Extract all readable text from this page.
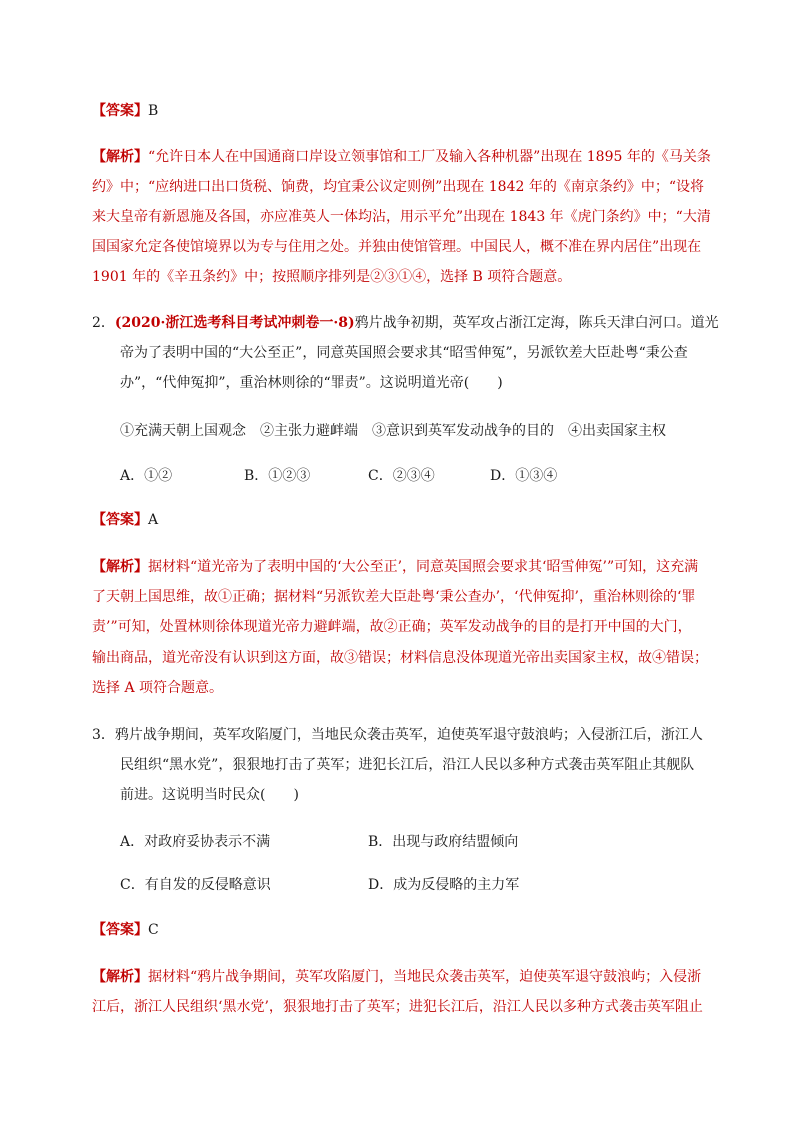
【答案】B
【解析】“允许日本人在中国通商口岸设立领事馆和工厂及输入各种机器”出现在 1895 年的《马关条
约》中；“应纳进口出口货税、饷费，均宜秉公议定则例”出现在 1842 年的《南京条约》中；“设将
来大皇帝有新恩施及各国，亦应准英人一体均沾，用示平允”出现在 1843 年《虎门条约》中；“大清
国国家允定各使馆境界以为专与住用之处。并独由使馆管理。中国民人，概不准在界内居住”出现在
1901 年的《辛丑条约》中；按照顺序排列是②③①④，选择 B 项符合题意。
2．(2020·浙江选考科目考试冲刺卷一·8)鸦片战争初期，英军攻占浙江定海，陈兵天津白河口。道光
帝为了表明中国的“大公至正”，同意英国照会要求其“昭雪伸冤”，另派钦差大臣赴粤“秉公查
办”，“代伸冤抑”，重治林则徐的“罪责”。这说明道光帝(　　)
①充满天朝上国观念　②主张力避衅端　③意识到英军发动战争的目的　④出卖国家主权
A．①②	B．①②③	C．②③④	D．①③④
【答案】A
【解析】据材料“道光帝为了表明中国的‘大公至正’，同意英国照会要求其‘昭雪伸冤’”可知，这充满
了天朝上国思维，故①正确；据材料“另派钦差大臣赴粤‘秉公查办’，‘代伸冤抑’，重治林则徐的‘罪
责’”可知，处置林则徐体现道光帝力避衅端，故②正确；英军发动战争的目的是打开中国的大门，
输出商品，道光帝没有认识到这方面，故③错误；材料信息没体现道光帝出卖国家主权，故④错误；
选择 A 项符合题意。
3．鸦片战争期间，英军攻陷厦门，当地民众袭击英军，迫使英军退守鼓浪屿；入侵浙江后，浙江人
民组织“黑水党”，狠狠地打击了英军；进犯长江后，沿江人民以多种方式袭击英军阻止其舰队
前进。这说明当时民众(　　)
A．对政府妥协表示不满	B．出现与政府结盟倾向
C．有自发的反侵略意识	D．成为反侵略的主力军
【答案】C
【解析】据材料“鸦片战争期间，英军攻陷厦门，当地民众袭击英军，迫使英军退守鼓浪屿；入侵浙
江后，浙江人民组织‘黑水党’，狠狠地打击了英军；进犯长江后，沿江人民以多种方式袭击英军阻止
